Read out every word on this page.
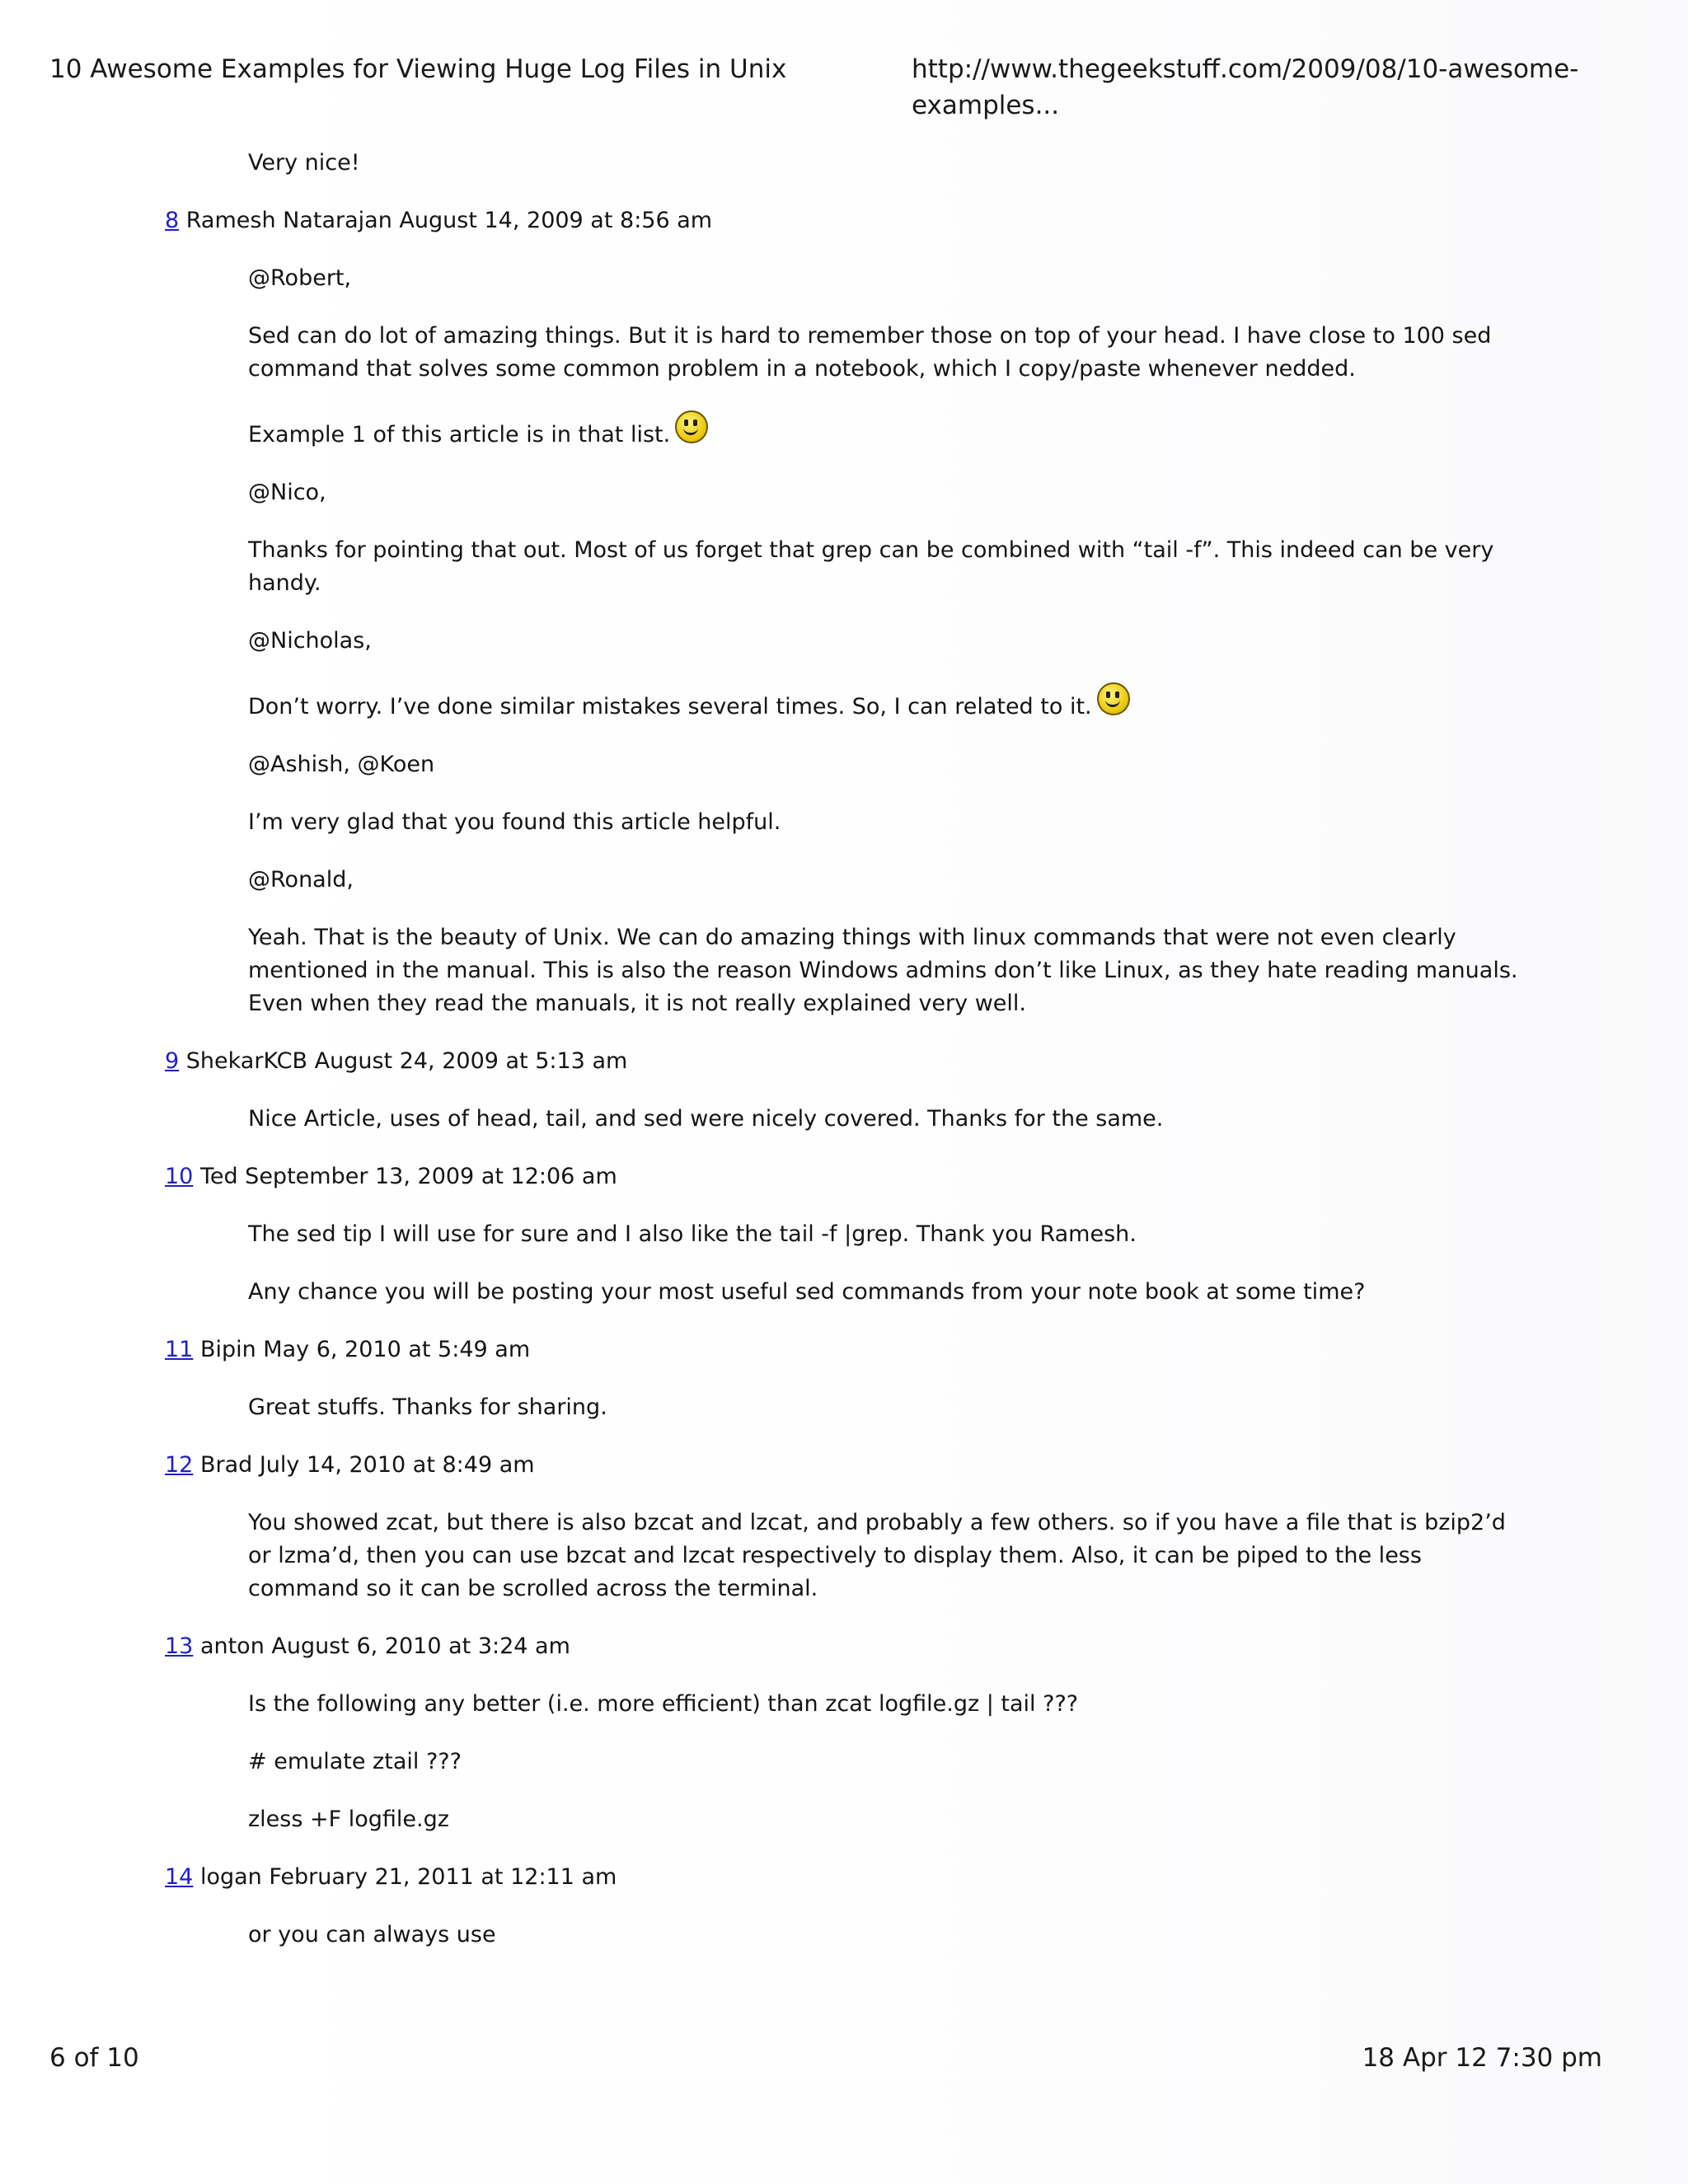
10 Awesome Examples for Viewing Huge Log Files in Unix	http://www.thegeekstuff.com/2009/08/10-awesome-examples...
Very nice!
8 Ramesh Natarajan August 14, 2009 at 8:56 am
@Robert,
Sed can do lot of amazing things. But it is hard to remember those on top of your head. I have close to 100 sed command that solves some common problem in a notebook, which I copy/paste whenever nedded.
Example 1 of this article is in that list.
@Nico,
Thanks for pointing that out. Most of us forget that grep can be combined with “tail -f”. This indeed can be very handy.
@Nicholas,
Don’t worry. I’ve done similar mistakes several times. So, I can related to it.
@Ashish, @Koen
I’m very glad that you found this article helpful.
@Ronald,
Yeah. That is the beauty of Unix. We can do amazing things with linux commands that were not even clearly mentioned in the manual. This is also the reason Windows admins don’t like Linux, as they hate reading manuals. Even when they read the manuals, it is not really explained very well.
9 ShekarKCB August 24, 2009 at 5:13 am
Nice Article, uses of head, tail, and sed were nicely covered. Thanks for the same.
10 Ted September 13, 2009 at 12:06 am
The sed tip I will use for sure and I also like the tail -f |grep. Thank you Ramesh.
Any chance you will be posting your most useful sed commands from your note book at some time?
11 Bipin May 6, 2010 at 5:49 am
Great stuffs. Thanks for sharing.
12 Brad July 14, 2010 at 8:49 am
You showed zcat, but there is also bzcat and lzcat, and probably a few others. so if you have a file that is bzip2’d or lzma’d, then you can use bzcat and lzcat respectively to display them. Also, it can be piped to the less command so it can be scrolled across the terminal.
13 anton August 6, 2010 at 3:24 am
Is the following any better (i.e. more efficient) than zcat logfile.gz | tail ???
# emulate ztail ???
zless +F logfile.gz
14 logan February 21, 2011 at 12:11 am
or you can always use
6 of 10	18 Apr 12 7:30 pm
